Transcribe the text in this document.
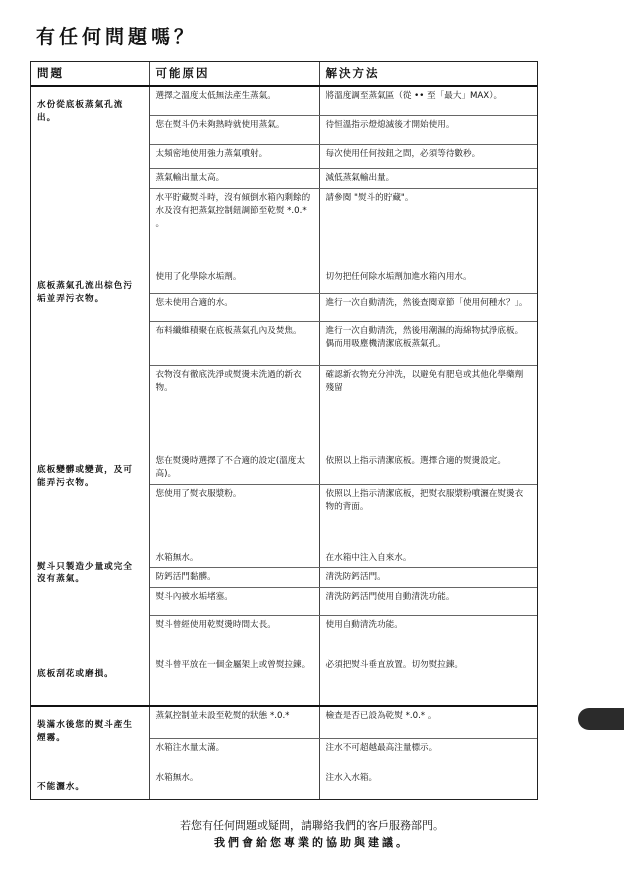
有任何問題嗎？
問題	可能原因	解決方法
水份從底板蒸氣孔流出。	選擇之溫度太低無法產生蒸氣。	將溫度調至蒸氣區（從 •• 至「最大」MAX）。
	您在熨斗仍未夠熱時就使用蒸氣。	待恒溫指示燈熄滅後才開始使用。
	太頻密地使用強力蒸氣噴射。	每次使用任何按鈕之間，必須等待數秒。
	蒸氣輸出量太高。	減低蒸氣輸出量。
	水平貯藏熨斗時，沒有傾倒水箱內剩餘的水及沒有把蒸氣控制鈕調節至乾熨 *.0.* 。	請參閱 "熨斗的貯藏"。
底板蒸氣孔流出棕色污垢並弄污衣物。	使用了化學除水垢劑。	切勿把任何除水垢劑加進水箱內用水。
	您未使用合適的水。	進行一次自動清洗，然後查閱章節「使用何種水？」。
	布料纖維積聚在底板蒸氣孔內及焚焦。	進行一次自動清洗，然後用潮濕的海綿物拭淨底板。偶而用吸塵機清潔底板蒸氣孔。
	衣物沒有徹底洗淨或熨燙未洗過的新衣物。	確認新衣物充分沖洗，以避免有肥皂或其他化學藥劑殘留
底板變髒或變黃，及可能弄污衣物。	您在熨燙時選擇了不合適的設定(溫度太高)。	依照以上指示清潔底板。選擇合適的熨燙設定。
	您使用了熨衣服漿粉。	依照以上指示清潔底板，把熨衣服漿粉噴灑在熨燙衣物的背面。
熨斗只製造少量或完全沒有蒸氣。	水箱無水。	在水箱中注入自來水。
	防鈣活門黏髒。	清洗防鈣活門。
	熨斗內被水垢堵塞。	清洗防鈣活門使用自動清洗功能。
	熨斗曾經使用乾熨燙時間太長。	使用自動清洗功能。
底板刮花或磨損。	熨斗曾平放在一個金屬架上或曾熨拉鍊。	必須把熨斗垂直放置。切勿熨拉鍊。
裝滿水後您的熨斗產生煙霧。	蒸氣控制並未設至乾熨的狀態 *.0.*	檢查是否已設為乾熨 *.0.* 。
	水箱注水量太滿。	注水不可超越最高注量標示。
不能灑水。	水箱無水。	注水入水箱。
若您有任何問題或疑問，請聯絡我們的客戶服務部門。
我們會給您專業的協助與建議。
